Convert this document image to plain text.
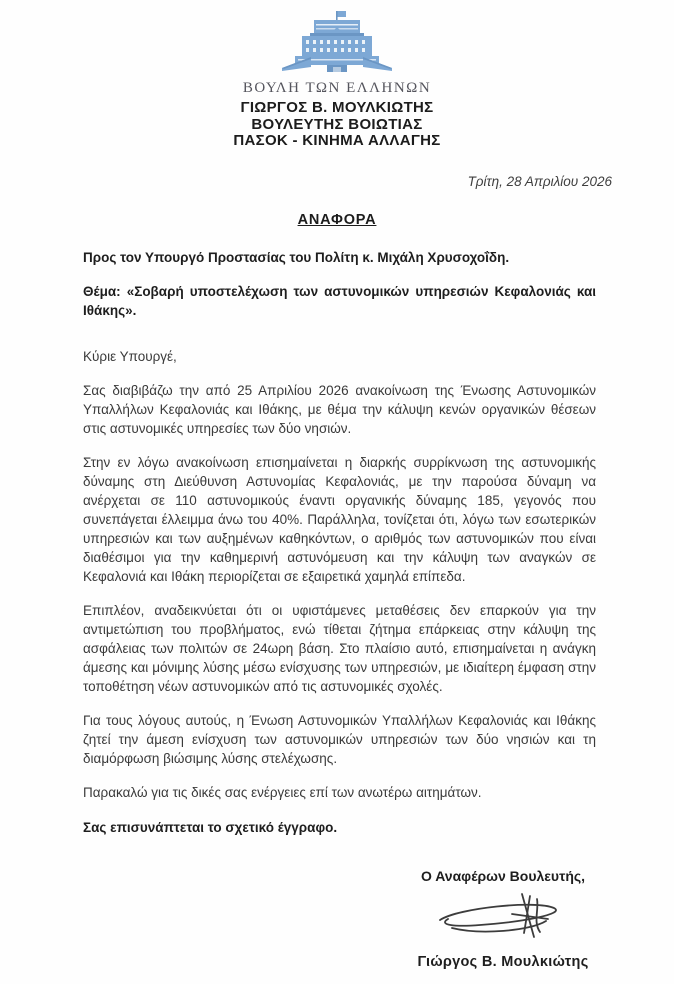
ΒΟΥΛΗ ΤΩΝ ΕΛΛΗΝΩΝ
ΓΙΩΡΓΟΣ Β. ΜΟΥΛΚΙΩΤΗΣ
ΒΟΥΛΕΥΤΗΣ ΒΟΙΩΤΙΑΣ
ΠΑΣΟΚ - ΚΙΝΗΜΑ ΑΛΛΑΓΗΣ
Τρίτη, 28 Απριλίου 2026
ΑΝΑΦΟΡΑ

Προς τον Υπουργό Προστασίας του Πολίτη κ. Μιχάλη Χρυσοχοΐδη.

Θέμα: «Σοβαρή υποστελέχωση των αστυνομικών υπηρεσιών Κεφαλονιάς και Ιθάκης».

Κύριε Υπουργέ,

Σας διαβιβάζω την από 25 Απριλίου 2026 ανακοίνωση της Ένωσης Αστυνομικών Υπαλλήλων Κεφαλονιάς και Ιθάκης, με θέμα την κάλυψη κενών οργανικών θέσεων στις αστυνομικές υπηρεσίες των δύο νησιών.

Στην εν λόγω ανακοίνωση επισημαίνεται η διαρκής συρρίκνωση της αστυνομικής δύναμης στη Διεύθυνση Αστυνομίας Κεφαλονιάς, με την παρούσα δύναμη να ανέρχεται σε 110 αστυνομικούς έναντι οργανικής δύναμης 185, γεγονός που συνεπάγεται έλλειμμα άνω του 40%. Παράλληλα, τονίζεται ότι, λόγω των εσωτερικών υπηρεσιών και των αυξημένων καθηκόντων, ο αριθμός των αστυνομικών που είναι διαθέσιμοι για την καθημερινή αστυνόμευση και την κάλυψη των αναγκών σε Κεφαλονιά και Ιθάκη περιορίζεται σε εξαιρετικά χαμηλά επίπεδα.

Επιπλέον, αναδεικνύεται ότι οι υφιστάμενες μεταθέσεις δεν επαρκούν για την αντιμετώπιση του προβλήματος, ενώ τίθεται ζήτημα επάρκειας στην κάλυψη της ασφάλειας των πολιτών σε 24ωρη βάση. Στο πλαίσιο αυτό, επισημαίνεται η ανάγκη άμεσης και μόνιμης λύσης μέσω ενίσχυσης των υπηρεσιών, με ιδιαίτερη έμφαση στην τοποθέτηση νέων αστυνομικών από τις αστυνομικές σχολές.

Για τους λόγους αυτούς, η Ένωση Αστυνομικών Υπαλλήλων Κεφαλονιάς και Ιθάκης ζητεί την άμεση ενίσχυση των αστυνομικών υπηρεσιών των δύο νησιών και τη διαμόρφωση βιώσιμης λύσης στελέχωσης.

Παρακαλώ για τις δικές σας ενέργειες επί των ανωτέρω αιτημάτων.

Σας επισυνάπτεται το σχετικό έγγραφο.

Ο Αναφέρων Βουλευτής,
Γιώργος Β. Μουλκιώτης
